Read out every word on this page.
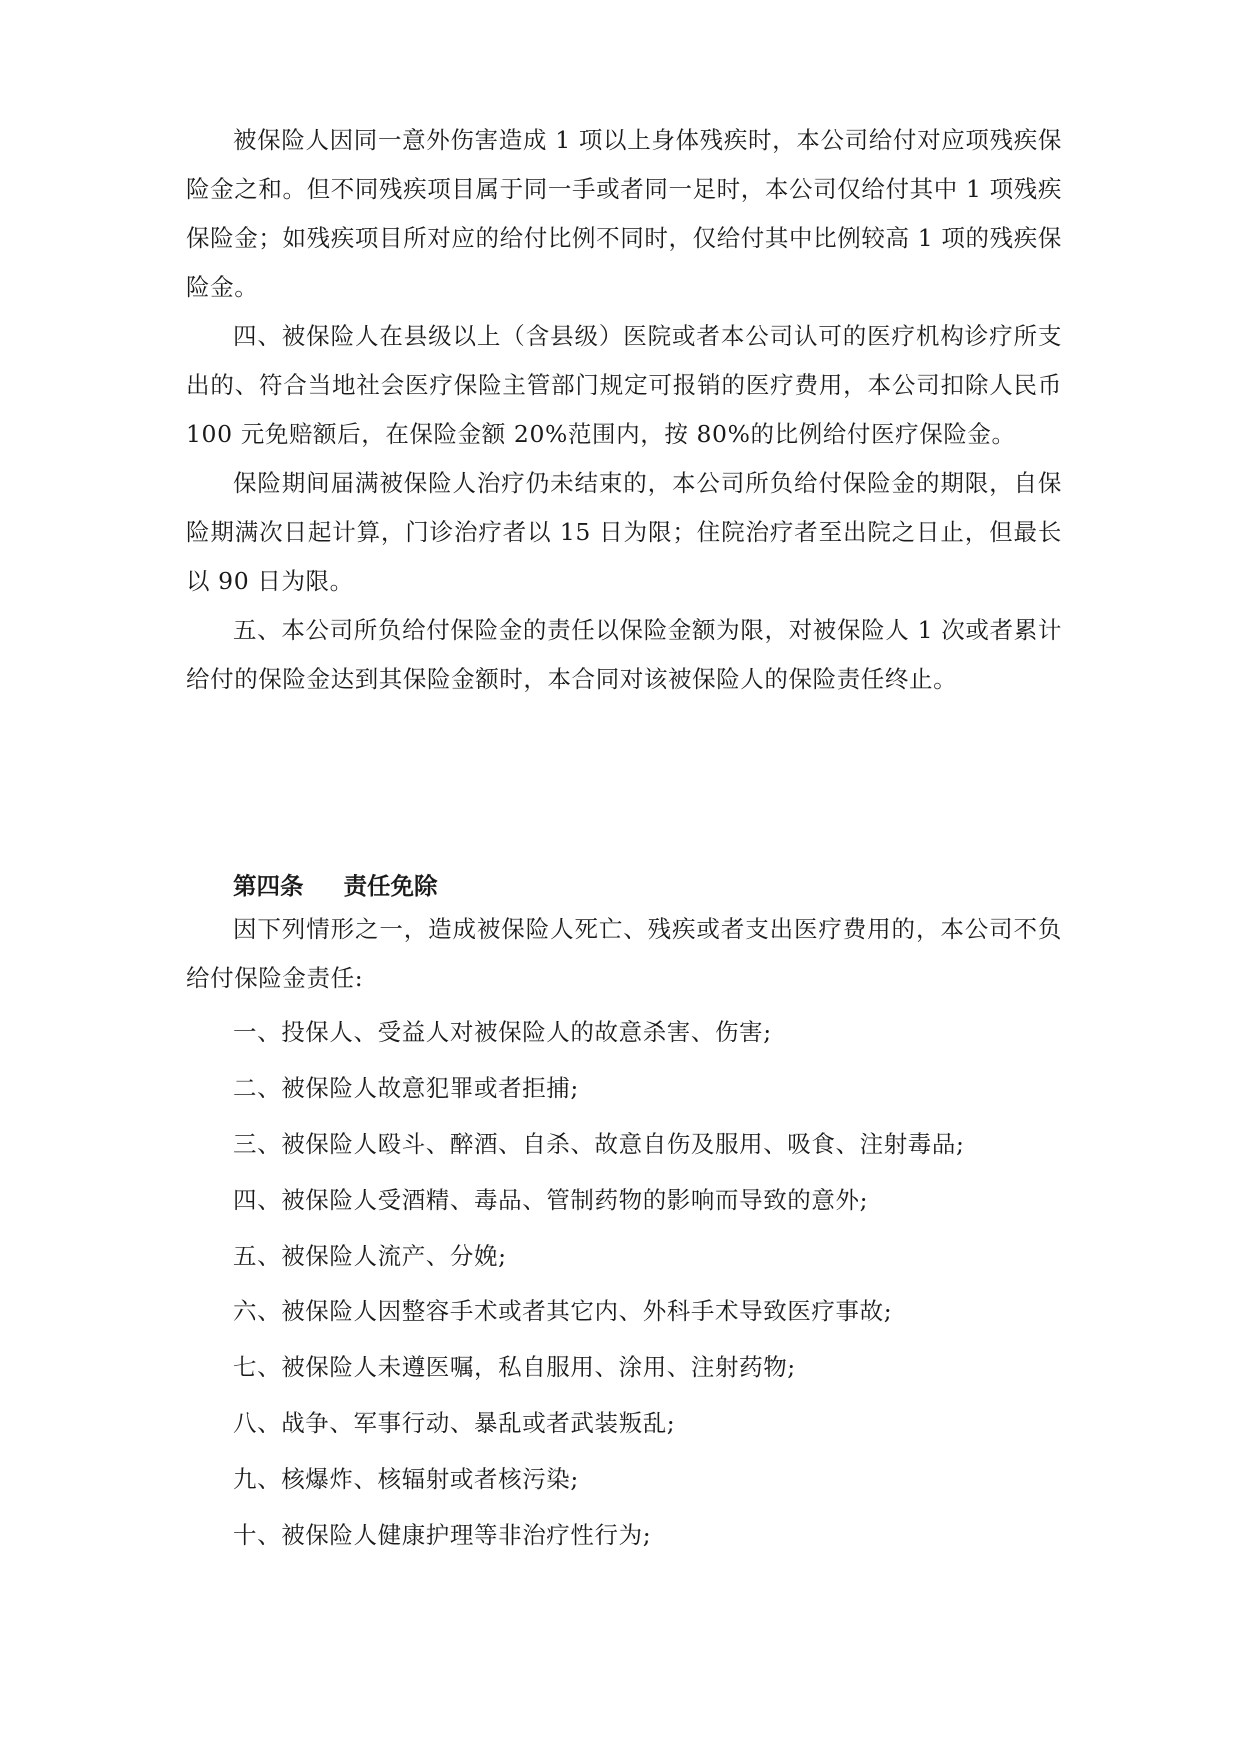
被保险人因同一意外伤害造成 1 项以上身体残疾时，本公司给付对应项残疾保险金之和。但不同残疾项目属于同一手或者同一足时，本公司仅给付其中 1 项残疾保险金；如残疾项目所对应的给付比例不同时，仅给付其中比例较高 1 项的残疾保险金。

四、被保险人在县级以上（含县级）医院或者本公司认可的医疗机构诊疗所支出的、符合当地社会医疗保险主管部门规定可报销的医疗费用，本公司扣除人民币 100 元免赔额后，在保险金额 20%范围内，按 80%的比例给付医疗保险金。

保险期间届满被保险人治疗仍未结束的，本公司所负给付保险金的期限，自保险期满次日起计算，门诊治疗者以 15 日为限；住院治疗者至出院之日止，但最长以 90 日为限。

五、本公司所负给付保险金的责任以保险金额为限，对被保险人 1 次或者累计给付的保险金达到其保险金额时，本合同对该被保险人的保险责任终止。

第四条 责任免除

因下列情形之一，造成被保险人死亡、残疾或者支出医疗费用的，本公司不负给付保险金责任:

一、投保人、受益人对被保险人的故意杀害、伤害;

二、被保险人故意犯罪或者拒捕;

三、被保险人殴斗、醉酒、自杀、故意自伤及服用、吸食、注射毒品;

四、被保险人受酒精、毒品、管制药物的影响而导致的意外;

五、被保险人流产、分娩;

六、被保险人因整容手术或者其它内、外科手术导致医疗事故;

七、被保险人未遵医嘱，私自服用、涂用、注射药物;

八、战争、军事行动、暴乱或者武装叛乱;

九、核爆炸、核辐射或者核污染;

十、被保险人健康护理等非治疗性行为;
